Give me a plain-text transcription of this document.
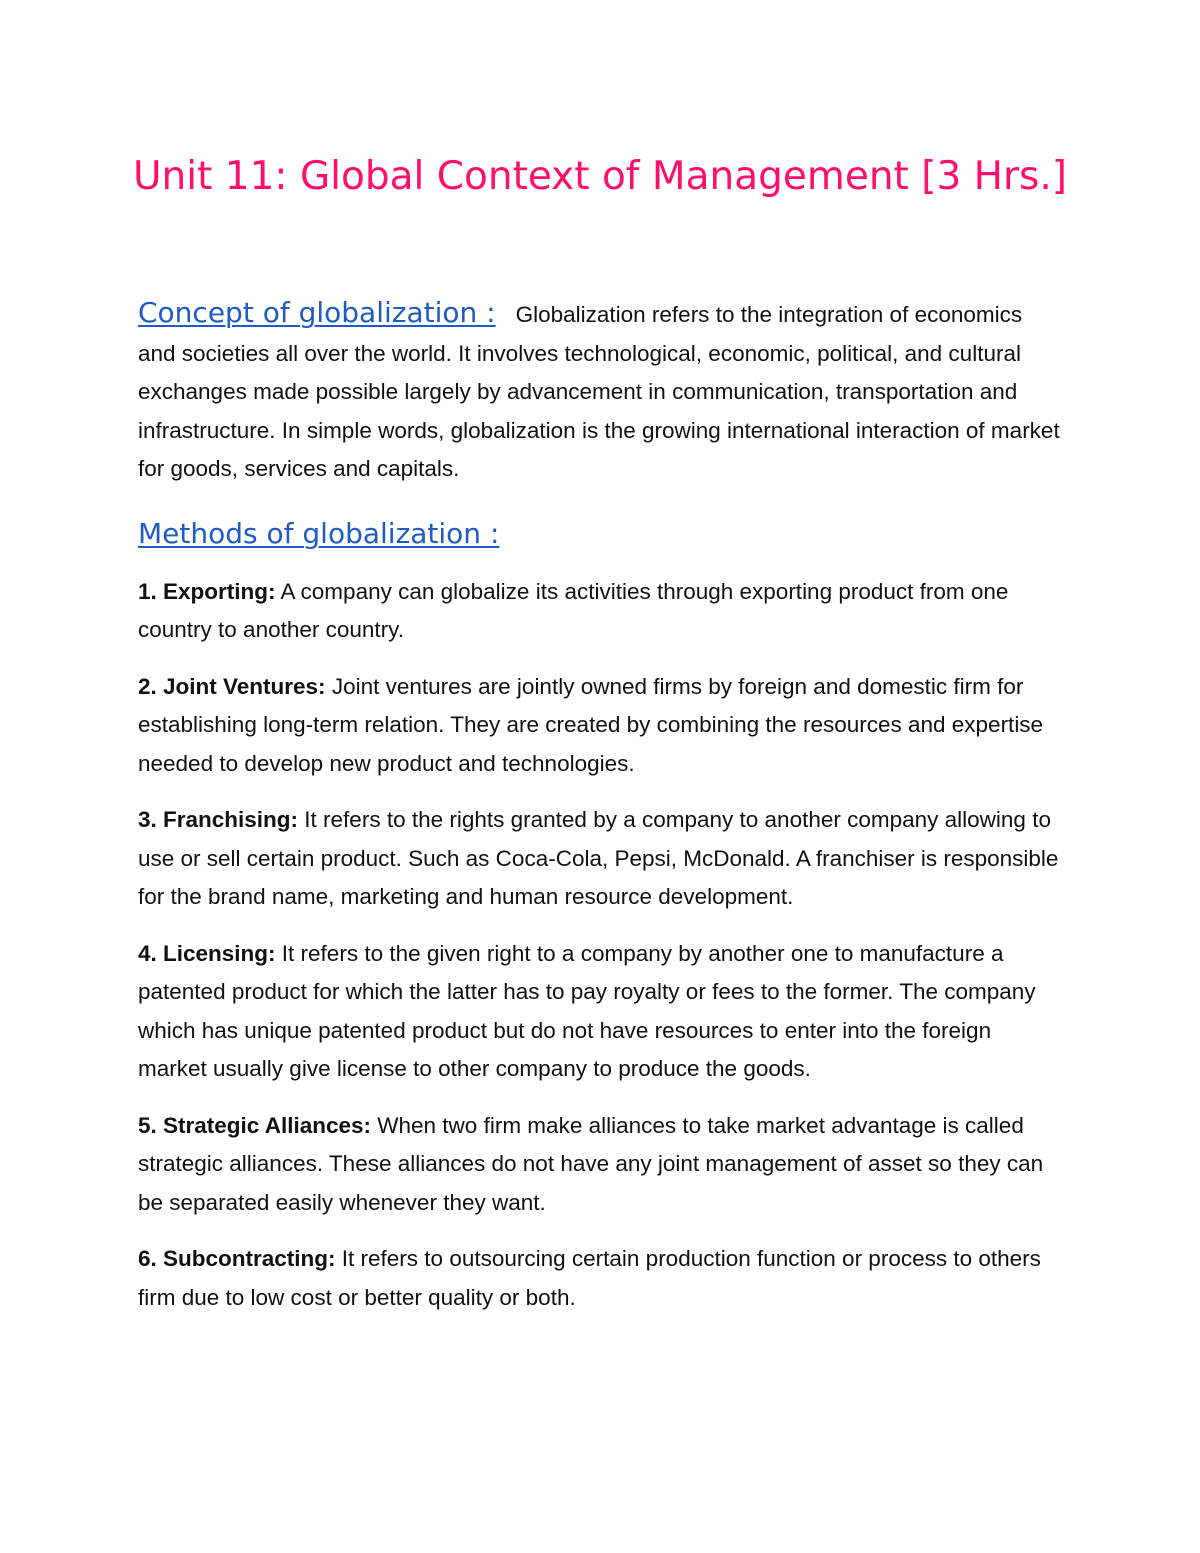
Unit 11: Global Context of Management [3 Hrs.]

Concept of globalization : Globalization refers to the integration of economics and societies all over the world. It involves technological, economic, political, and cultural exchanges made possible largely by advancement in communication, transportation and infrastructure. In simple words, globalization is the growing international interaction of market for goods, services and capitals.

Methods of globalization :

1. Exporting: A company can globalize its activities through exporting product from one country to another country.
2. Joint Ventures: Joint ventures are jointly owned firms by foreign and domestic firm for establishing long-term relation. They are created by combining the resources and expertise needed to develop new product and technologies.
3. Franchising: It refers to the rights granted by a company to another company allowing to use or sell certain product. Such as Coca-Cola, Pepsi, McDonald. A franchiser is responsible for the brand name, marketing and human resource development.
4. Licensing: It refers to the given right to a company by another one to manufacture a patented product for which the latter has to pay royalty or fees to the former. The company which has unique patented product but do not have resources to enter into the foreign market usually give license to other company to produce the goods.
5. Strategic Alliances: When two firm make alliances to take market advantage is called strategic alliances. These alliances do not have any joint management of asset so they can be separated easily whenever they want.
6. Subcontracting: It refers to outsourcing certain production function or process to others firm due to low cost or better quality or both.
